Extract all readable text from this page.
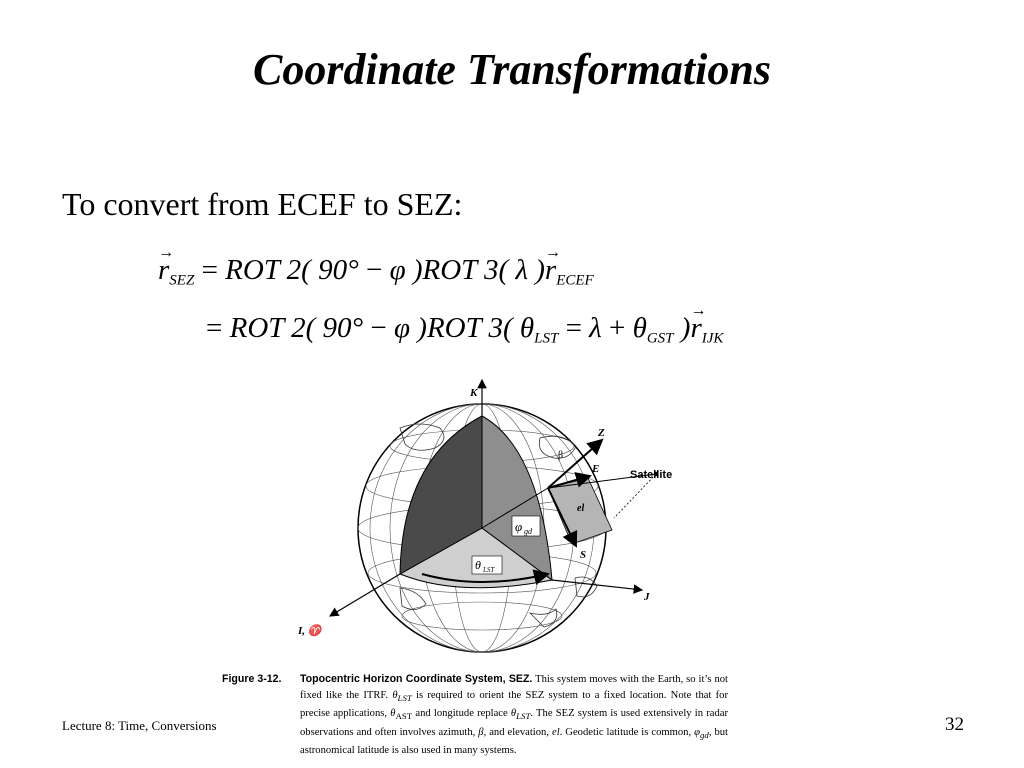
Coordinate Transformations
To convert from ECEF to SEZ:
→ $r_{SEZ}$ = ROT 2( 90° − φ )ROT 3( λ )→ $r_{ECEF}$
= ROT 2( 90° − φ )ROT 3( $\theta_{LST} = \lambda + \theta_{GST}$ )→ $r_{IJK}$
K
J
I, ♈
Z
E
S
Satellite
β
el
φ gd
θ LST
Figure 3-12. Topocentric Horizon Coordinate System, SEZ. This system moves with the Earth, so it’s not fixed like the ITRF. $\theta_{LST}$ is required to orient the SEZ system to a fixed location. Note that for precise applications, $\theta_{AST}$ and longitude replace $\theta_{LST}$. The SEZ system is used extensively in radar observations and often involves azimuth, β, and elevation, el. Geodetic latitude is common, $\varphi_{gd}$, but astronomical latitude is also used in many systems.
Lecture 8: Time, Conversions	32
